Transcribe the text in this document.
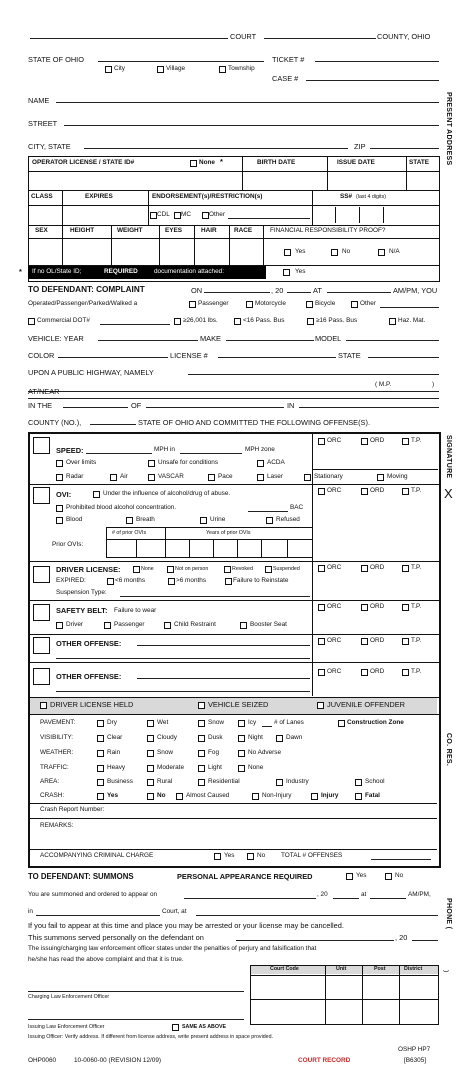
COURT	COUNTY, OHIO
STATE OF OHIO
City	Village	Township
TICKET #
CASE #
NAME
STREET
CITY, STATE	ZIP	PRESENT ADDRESS
OPERATOR LICENSE / STATE ID#	None *	BIRTH DATE	ISSUE DATE	STATE
CLASS	EXPIRES	ENDORSEMENT(s)/RESTRICTION(s)	SS# (last 4 digits)
CDL MC	Other
SEX	HEIGHT	WEIGHT	EYES	HAIR	RACE	FINANCIAL RESPONSIBILITY PROOF?
Yes	No	N/A
* If no OL/State ID;	REQUIRED	documentation attached:	Yes
TO DEFENDANT: COMPLAINT	ON	, 20	AT	AM/PM, YOU
Operated/Passenger/Parked/Walked a	Passenger	Motorcycle	Bicycle	Other
Commercial DOT#	≥26,001 lbs.	<16 Pass. Bus	≥16 Pass. Bus	Haz. Mat.
VEHICLE: YEAR	MAKE	MODEL
COLOR	LICENSE #	STATE
UPON A PUBLIC HIGHWAY, NAMELY
AT/NEAR
( M.P.	)
IN THE	OF	IN
COUNTY (NO.),	STATE OF OHIO AND COMMITTED THE FOLLOWING OFFENSE(S).
SIGNATURE
X
ORC	ORD	T.P.
ORC	ORD	T.P.
ORC	ORD	T.P.
ORC	ORD	T.P.
ORC	ORD	T.P.
ORC	ORD	T.P.
SPEED:	MPH in	MPH zone
Over limits	Unsafe for conditions	ACDA
Radar	Air	VASCAR	Pace	Laser	Stationary	Moving
OVI:	Under the influence of alcohol/drug of abuse.
Prohibited blood alcohol concentration.	BAC
Blood	Breath	Urine	Refused
# of prior OVIs	Years of prior OVIs
Prior OVIs:
DRIVER LICENSE:	None	Not on person	Revoked	Suspended
EXPIRED:	<6 months	>6 months	Failure to Reinstate
Suspension Type:
SAFETY BELT: Failure to wear
Driver	Passenger	Child Restraint	Booster Seat
OTHER OFFENSE:
OTHER OFFENSE:
DRIVER LICENSE HELD	VEHICLE SEIZED	JUVENILE OFFENDER
PAVEMENT:	Dry	Wet	Snow	Icy	# of Lanes	Construction Zone
VISIBILITY:	Clear	Cloudy	Dusk	Night	Dawn
WEATHER:	Rain	Snow	Fog	No Adverse
TRAFFIC:	Heavy	Moderate	Light	None
AREA:	Business	Rural	Residential	Industry	School
CRASH:	Yes	No	Almost Caused	Non-Injury	Injury	Fatal
Crash Report Number:
REMARKS:
ACCOMPANYING CRIMINAL CHARGE	Yes	No TOTAL # OFFENSES
CO. RES.
TO DEFENDANT: SUMMONS	PERSONAL APPEARANCE REQUIRED	Yes	No
You are summoned and ordered to appear on	, 20	at	AM/PM,
in	Court, at
If you fail to appear at this time and place you may be arrested or your license may be cancelled.
This summons served personally on the defendant on	, 20
The issuing/charging law enforcement officer states under the penalties of perjury and falsification that
he/she has read the above complaint and that it is true.
PHONE (
)
Court Code	Unit	Post	District
Charging Law Enforcement Officer
Issuing Law Enforcement Officer	SAME AS ABOVE
Issuing Officer: Verify address. If different from license address, write present address in space provided.
OHP0060	10-0060-00 (REVISION 12/09)	COURT RECORD
OSHP HP7
[B6305]
